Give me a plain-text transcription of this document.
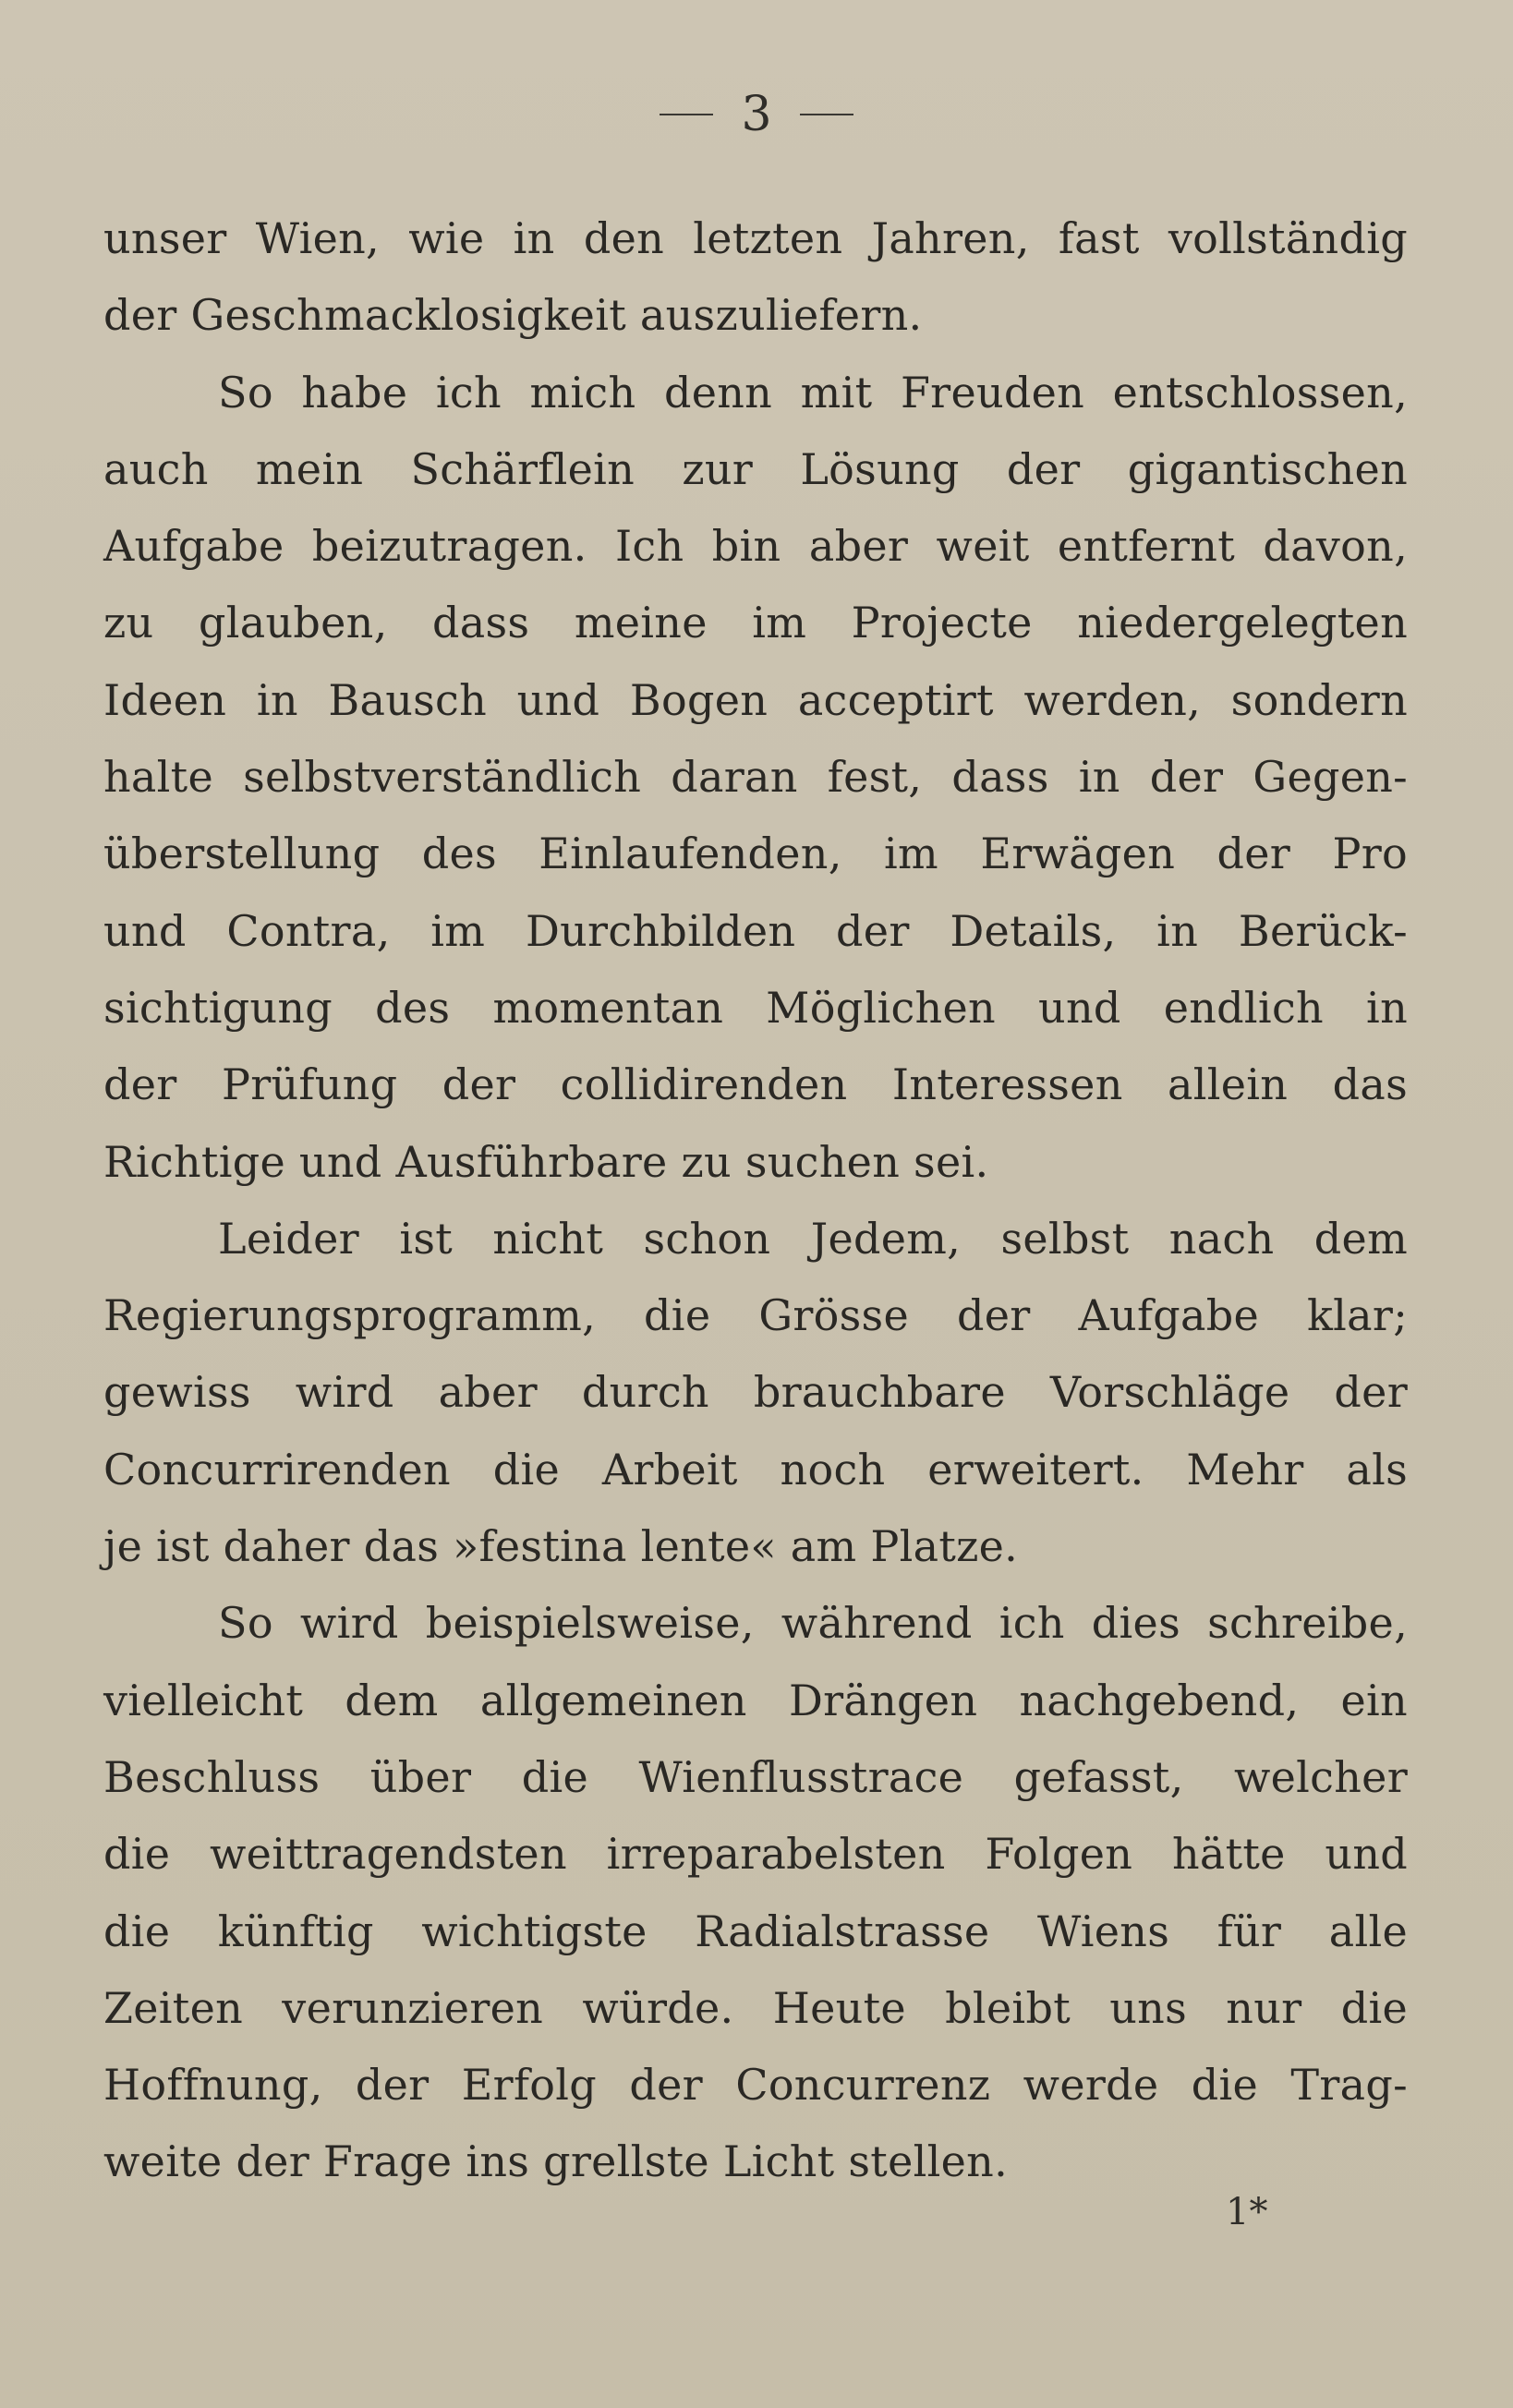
3
unser Wien, wie in den letzten Jahren, fast vollständig
der Geschmacklosigkeit auszuliefern.
So habe ich mich denn mit Freuden entschlossen,
auch mein Schärflein zur Lösung der gigantischen
Aufgabe beizutragen. Ich bin aber weit entfernt davon,
zu glauben, dass meine im Projecte niedergelegten
Ideen in Bausch und Bogen acceptirt werden, sondern
halte selbstverständlich daran fest, dass in der Gegen-
überstellung des Einlaufenden, im Erwägen der Pro
und Contra, im Durchbilden der Details, in Berück-
sichtigung des momentan Möglichen und endlich in
der Prüfung der collidirenden Interessen allein das
Richtige und Ausführbare zu suchen sei.
Leider ist nicht schon Jedem, selbst nach dem
Regierungsprogramm, die Grösse der Aufgabe klar;
gewiss wird aber durch brauchbare Vorschläge der
Concurrirenden die Arbeit noch erweitert. Mehr als
je ist daher das »festina lente« am Platze.
So wird beispielsweise, während ich dies schreibe,
vielleicht dem allgemeinen Drängen nachgebend, ein
Beschluss über die Wienflusstrace gefasst, welcher
die weittragendsten irreparabelsten Folgen hätte und
die künftig wichtigste Radialstrasse Wiens für alle
Zeiten verunzieren würde. Heute bleibt uns nur die
Hoffnung, der Erfolg der Concurrenz werde die Trag-
weite der Frage ins grellste Licht stellen.
1*
